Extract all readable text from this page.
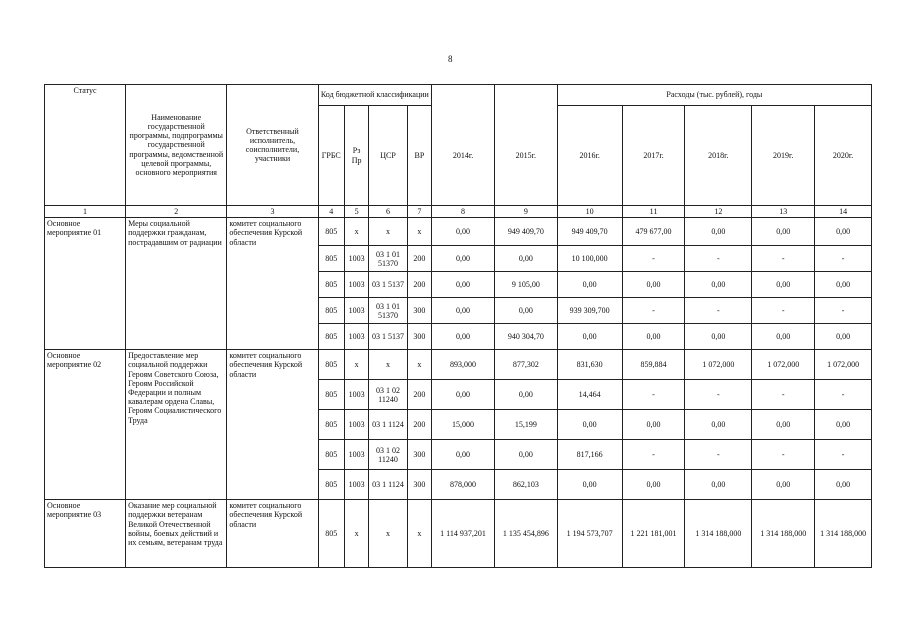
8
Статус	Наименование государственной программы, подпрограммы государственной программы, ведомственной целевой программы, основного мероприятия	Ответственный исполнитель, соисполнители, участники	Код бюджетной классификации						Расходы (тыс. рублей), годы				
			ГРБС	Рз Пр	ЦСР	ВР	2014г.	2015г.	2016г.	2017г.	2018г.	2019г.	2020г.
1	2	3	4	5	6	7	8	9	10	11	12	13	14
Основное мероприятие 01	Меры социальной поддержки гражданам, пострадавшим от радиации	комитет социального обеспечения Курской области	805	х	х	х	0,00	949 409,70	949 409,70	479 677,00	0,00	0,00	0,00
			805	1003	03 1 01 51370	200	0,00	0,00	10 100,000	-	-	-	-
			805	1003	03 1 5137	200	0,00	9 105,00	0,00	0,00	0,00	0,00	0,00
			805	1003	03 1 01 51370	300	0,00	0,00	939 309,700	-	-	-	-
			805	1003	03 1 5137	300	0,00	940 304,70	0,00	0,00	0,00	0,00	0,00
Основное мероприятие 02	Предоставление мер социальной поддержки Героям Советского Союза, Героям Российской Федерации и полным кавалерам ордена Славы, Героям Социалистического Труда	комитет социального обеспечения Курской области	805	х	х	х	893,000	877,302	831,630	859,884	1 072,000	1 072,000	1 072,000
			805	1003	03 1 02 11240	200	0,00	0,00	14,464	-	-	-	-
			805	1003	03 1 1124	200	15,000	15,199	0,00	0,00	0,00	0,00	0,00
			805	1003	03 1 02 11240	300	0,00	0,00	817,166	-	-	-	-
			805	1003	03 1 1124	300	878,000	862,103	0,00	0,00	0,00	0,00	0,00
Основное мероприятие 03	Оказание мер социальной поддержки ветеранам Великой Отечественной войны, боевых действий и их семьям, ветеранам труда	комитет социального обеспечения Курской области	805	х	х	х	1 114 937,201	1 135 454,896	1 194 573,707	1 221 181,001	1 314 188,000	1 314 188,000	1 314 188,000
